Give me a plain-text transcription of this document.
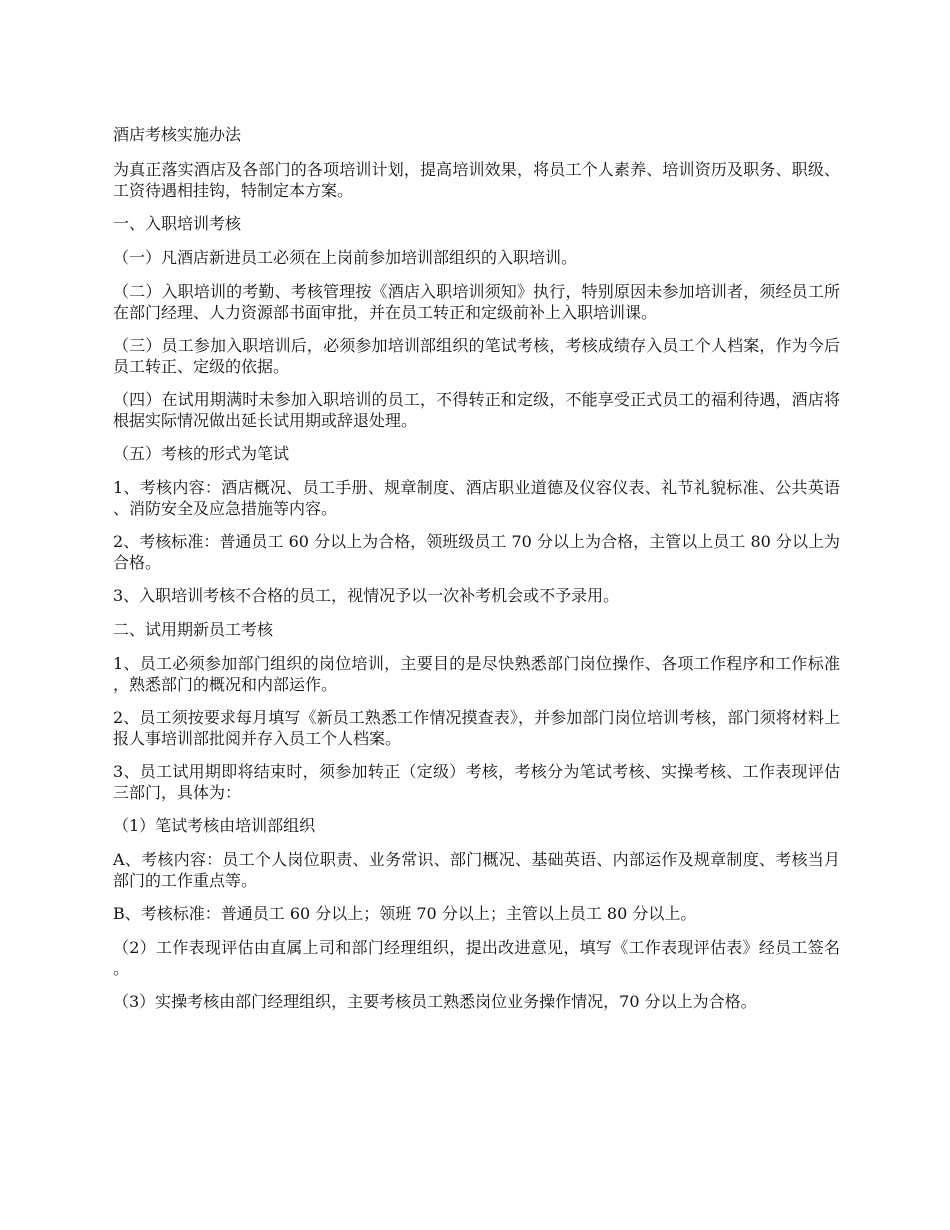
酒店考核实施办法

为真正落实酒店及各部门的各项培训计划，提高培训效果，将员工个人素养、培训资历及职务、职级、工资待遇相挂钩，特制定本方案。

一、入职培训考核

（一）凡酒店新进员工必须在上岗前参加培训部组织的入职培训。

（二）入职培训的考勤、考核管理按《酒店入职培训须知》执行，特别原因未参加培训者，须经员工所在部门经理、人力资源部书面审批，并在员工转正和定级前补上入职培训课。

（三）员工参加入职培训后，必须参加培训部组织的笔试考核，考核成绩存入员工个人档案，作为今后员工转正、定级的依据。

（四）在试用期满时未参加入职培训的员工，不得转正和定级，不能享受正式员工的福利待遇，酒店将根据实际情况做出延长试用期或辞退处理。

（五）考核的形式为笔试

1、考核内容：酒店概况、员工手册、规章制度、酒店职业道德及仪容仪表、礼节礼貌标准、公共英语、消防安全及应急措施等内容。

2、考核标准：普通员工 60 分以上为合格，领班级员工 70 分以上为合格，主管以上员工 80 分以上为合格。

3、入职培训考核不合格的员工，视情况予以一次补考机会或不予录用。

二、试用期新员工考核

1、员工必须参加部门组织的岗位培训，主要目的是尽快熟悉部门岗位操作、各项工作程序和工作标准，熟悉部门的概况和内部运作。

2、员工须按要求每月填写《新员工熟悉工作情况摸查表》，并参加部门岗位培训考核，部门须将材料上报人事培训部批阅并存入员工个人档案。

3、员工试用期即将结束时，须参加转正（定级）考核，考核分为笔试考核、实操考核、工作表现评估三部门，具体为：

（1）笔试考核由培训部组织

A、考核内容：员工个人岗位职责、业务常识、部门概况、基础英语、内部运作及规章制度、考核当月部门的工作重点等。

B、考核标准：普通员工 60 分以上；领班 70 分以上；主管以上员工 80 分以上。

（2）工作表现评估由直属上司和部门经理组织，提出改进意见，填写《工作表现评估表》经员工签名。

（3）实操考核由部门经理组织，主要考核员工熟悉岗位业务操作情况，70 分以上为合格。
